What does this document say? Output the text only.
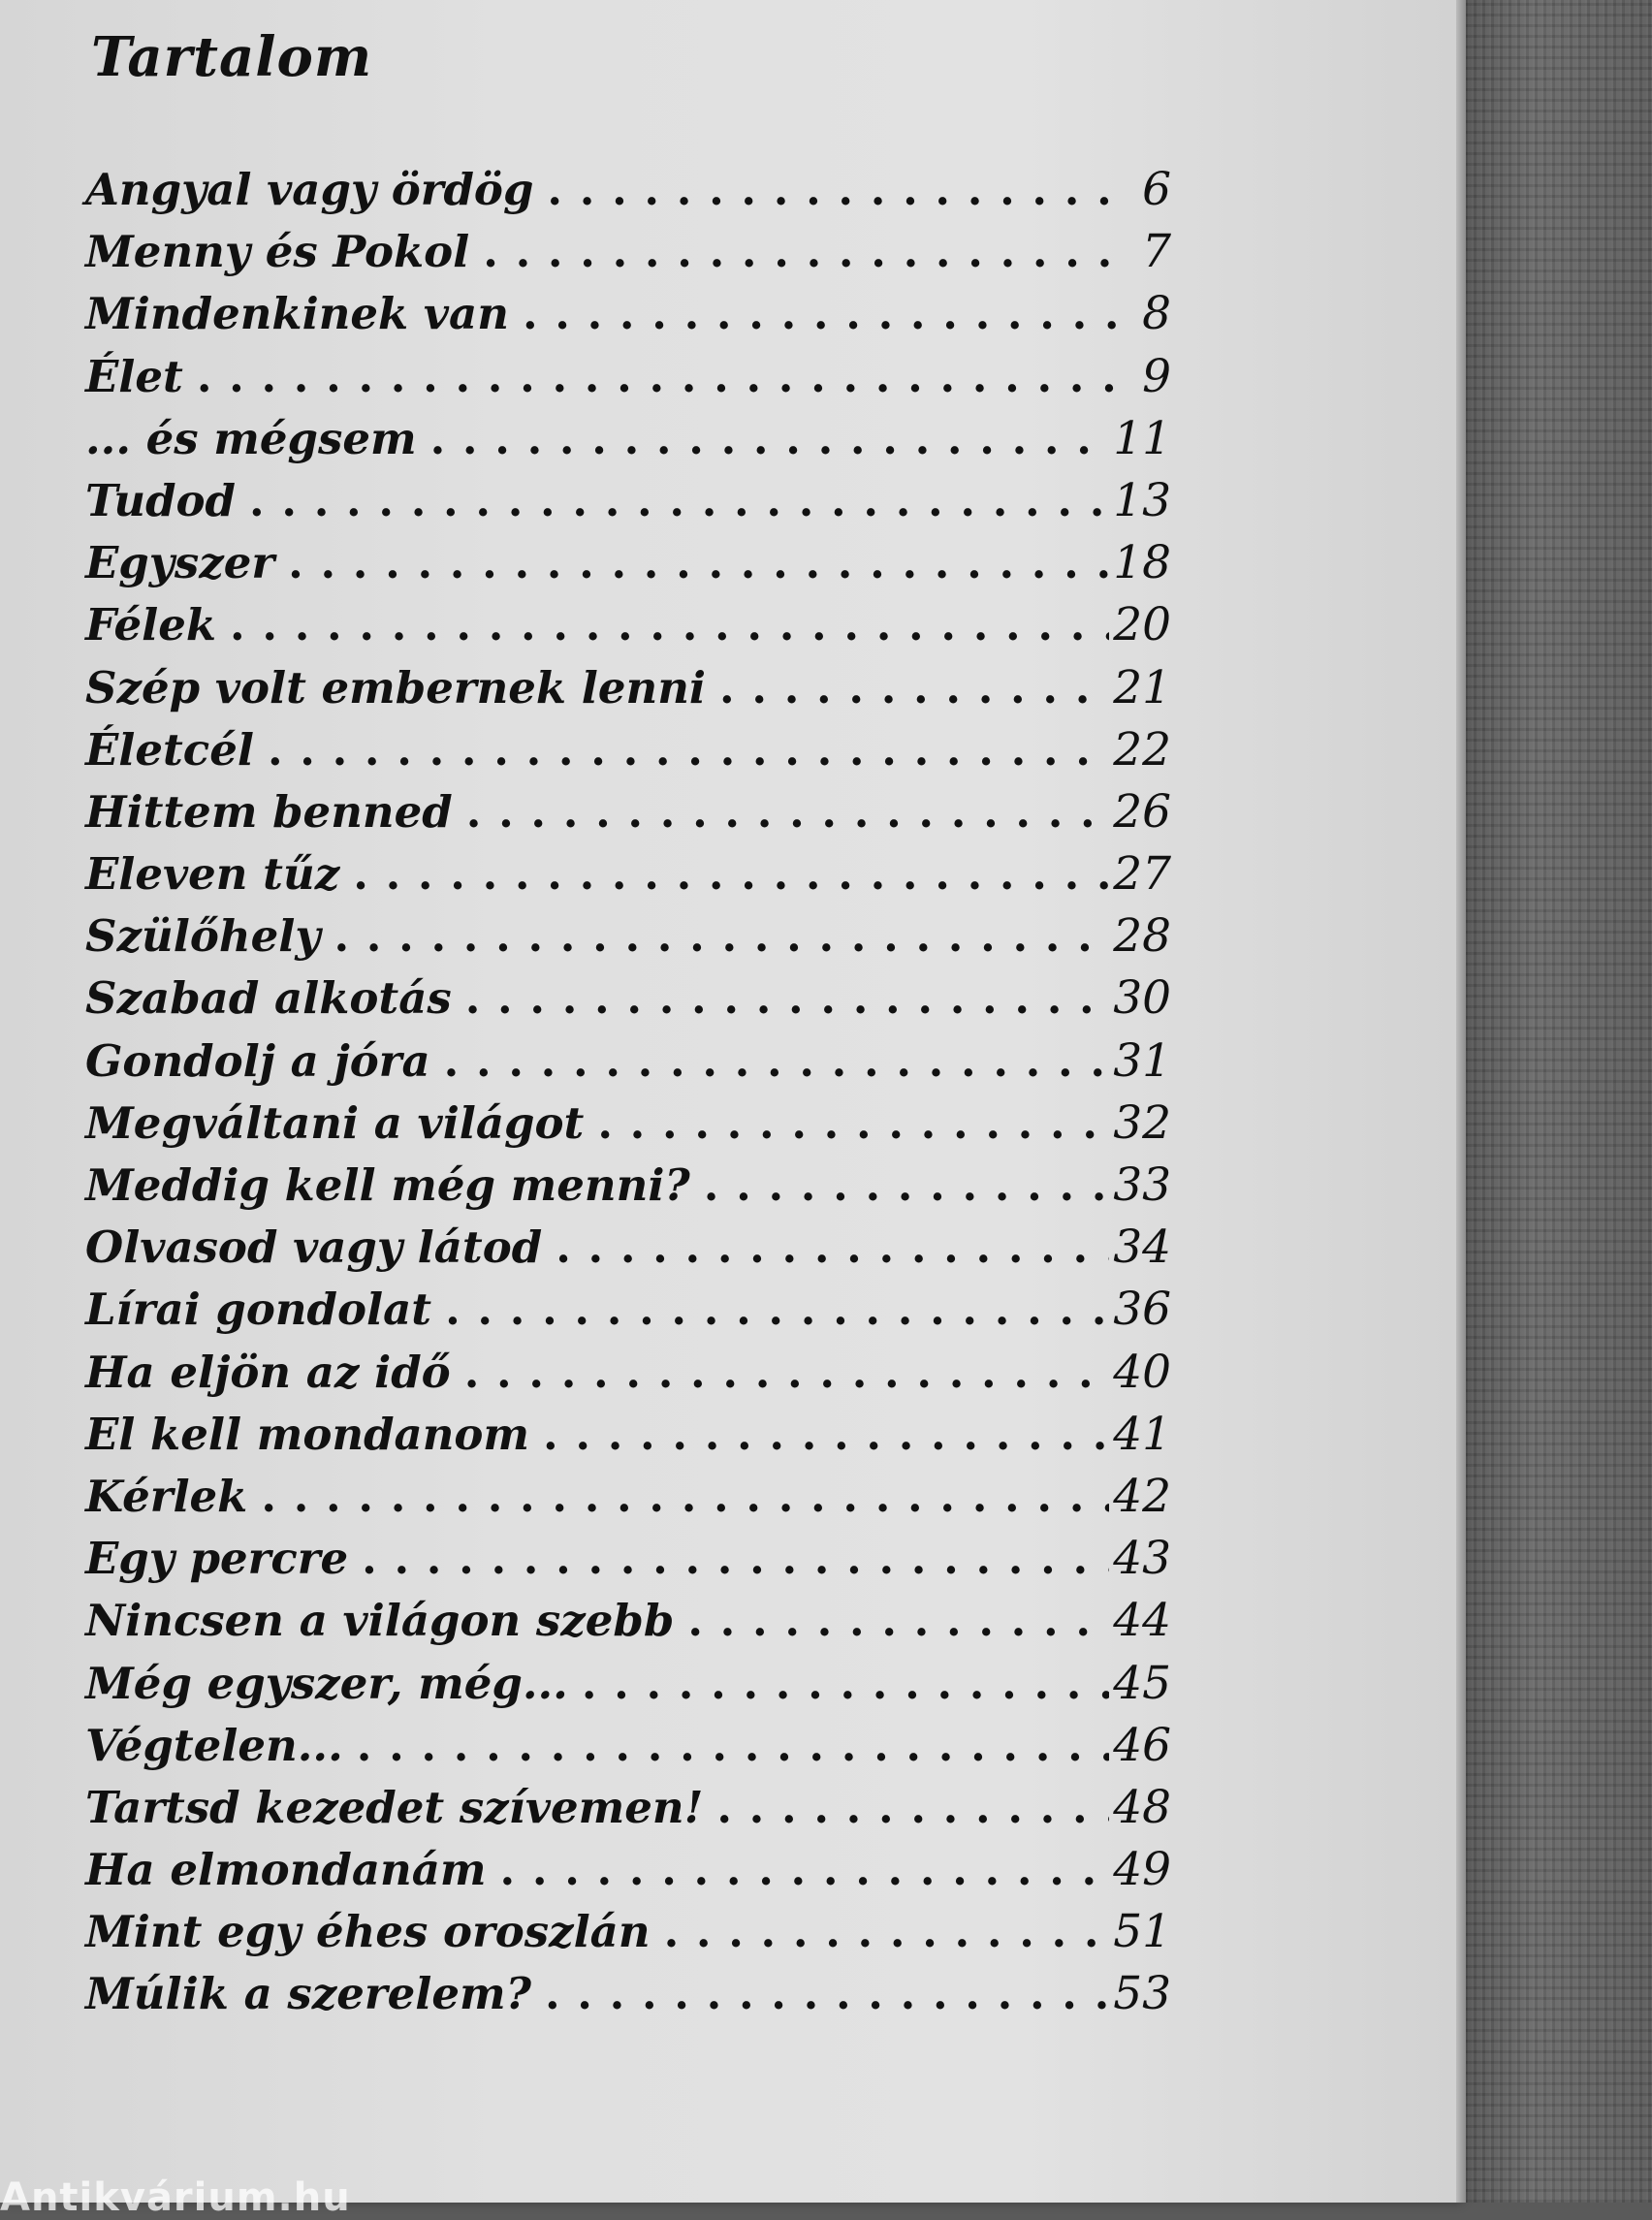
Tartalom
Angyal vagy ördög . . .	6
Menny és Pokol . . .	7
Mindenkinek van . . .	8
Élet . . .	9
... és mégsem . . .	11
Tudod . . .	13
Egyszer . . .	18
Félek . . .	20
Szép volt embernek lenni . . .	21
Életcél . . .	22
Hittem benned . . .	26
Eleven tűz . . .	27
Szülőhely . . .	28
Szabad alkotás . . .	30
Gondolj a jóra . . .	31
Megváltani a világot . . .	32
Meddig kell még menni? . . .	33
Olvasod vagy látod . . .	34
Lírai gondolat . . .	36
Ha eljön az idő . . .	40
El kell mondanom . . .	41
Kérlek . . .	42
Egy percre . . .	43
Nincsen a világon szebb . . .	44
Még egyszer, még... . . .	45
Végtelen... . . .	46
Tartsd kezedet szívemen! . . .	48
Ha elmondanám . . .	49
Mint egy éhes oroszlán . . .	51
Múlik a szerelem? . . .	53
Antikvárium.hu
